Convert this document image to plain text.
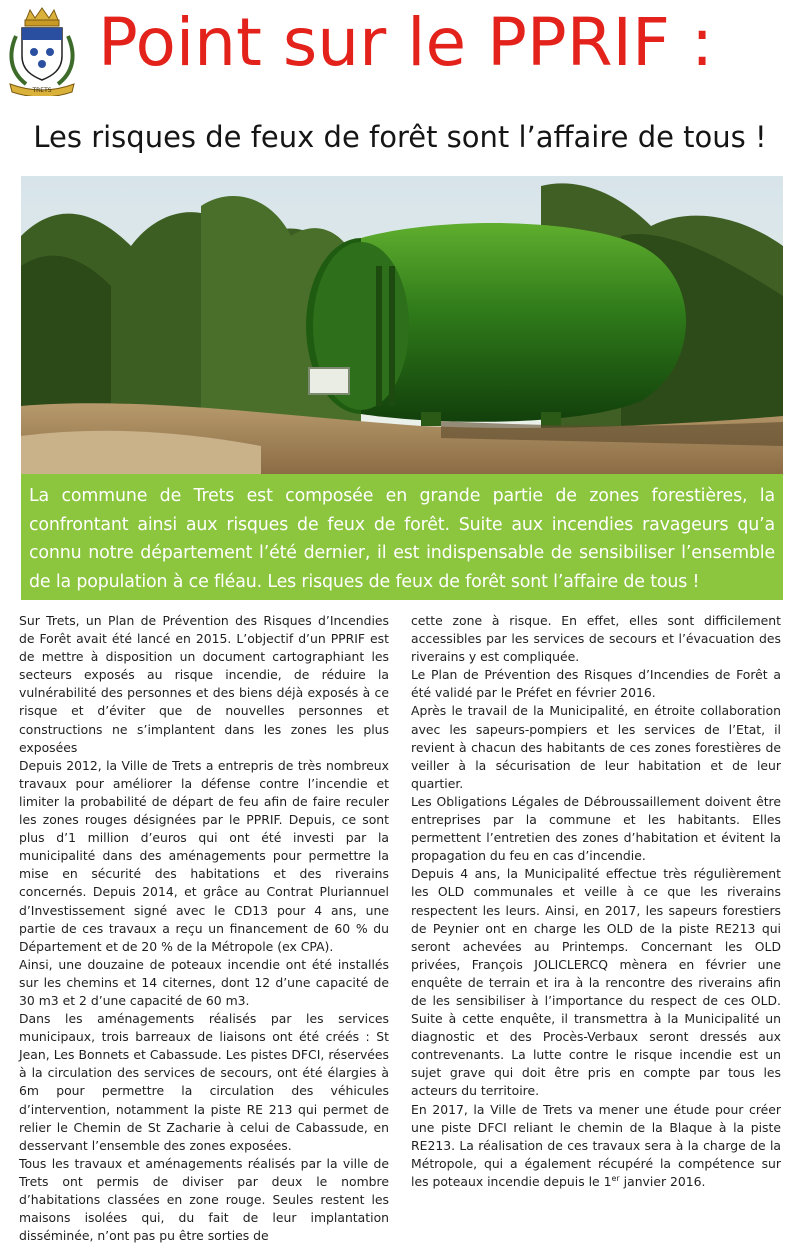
TRETS
Point sur le PPRIF :
Les risques de feux de forêt sont l’affaire de tous !

La commune de Trets est composée en grande partie de zones forestières, la confrontant ainsi aux risques de feux de forêt. Suite aux incendies ravageurs qu’a connu notre département l’été dernier, il est indispensable de sensibiliser l’ensemble de la population à ce fléau. Les risques de feux de forêt sont l’affaire de tous !

Sur Trets, un Plan de Prévention des Risques d’Incendies de Forêt avait été lancé en 2015. L’objectif d’un PPRIF est de mettre à disposition un document cartographiant les secteurs exposés au risque incendie, de réduire la vulnérabilité des personnes et des biens déjà exposés à ce risque et d’éviter que de nouvelles personnes et constructions ne s’implantent dans les zones les plus exposées

Depuis 2012, la Ville de Trets a entrepris de très nombreux travaux pour améliorer la défense contre l’incendie et limiter la probabilité de départ de feu afin de faire reculer les zones rouges désignées par le PPRIF. Depuis, ce sont plus d’1 million d’euros qui ont été investi par la municipalité dans des aménagements pour permettre la mise en sécurité des habitations et des riverains concernés. Depuis 2014, et grâce au Contrat Pluriannuel d’Investissement signé avec le CD13 pour 4 ans, une partie de ces travaux a reçu un financement de 60 % du Département et de 20 % de la Métropole (ex CPA).

Ainsi, une douzaine de poteaux incendie ont été installés sur les chemins et 14 citernes, dont 12 d’une capacité de 30 m3 et 2 d’une capacité de 60 m3.

Dans les aménagements réalisés par les services municipaux, trois barreaux de liaisons ont été créés : St Jean, Les Bonnets et Cabassude. Les pistes DFCI, réservées à la circulation des services de secours, ont été élargies à 6m pour permettre la circulation des véhicules d’intervention, notamment la piste RE 213 qui permet de relier le Chemin de St Zacharie à celui de Cabassude, en desservant l’ensemble des zones exposées.

Tous les travaux et aménagements réalisés par la ville de Trets ont permis de diviser par deux le nombre d’habitations classées en zone rouge. Seules restent les maisons isolées qui, du fait de leur implantation disséminée, n’ont pas pu être sorties de

cette zone à risque. En effet, elles sont difficilement accessibles par les services de secours et l’évacuation des riverains y est compliquée.

Le Plan de Prévention des Risques d’Incendies de Forêt a été validé par le Préfet en février 2016.

Après le travail de la Municipalité, en étroite collaboration avec les sapeurs-pompiers et les services de l’Etat, il revient à chacun des habitants de ces zones forestières de veiller à la sécurisation de leur habitation et de leur quartier.

Les Obligations Légales de Débroussaillement doivent être entreprises par la commune et les habitants. Elles permettent l’entretien des zones d’habitation et évitent la propagation du feu en cas d’incendie.

Depuis 4 ans, la Municipalité effectue très régulièrement les OLD communales et veille à ce que les riverains respectent les leurs. Ainsi, en 2017, les sapeurs forestiers de Peynier ont en charge les OLD de la piste RE213 qui seront achevées au Printemps. Concernant les OLD privées, François JOLICLERCQ mènera en février une enquête de terrain et ira à la rencontre des riverains afin de les sensibiliser à l’importance du respect de ces OLD. Suite à cette enquête, il transmettra à la Municipalité un diagnostic et des Procès-Verbaux seront dressés aux contrevenants. La lutte contre le risque incendie est un sujet grave qui doit être pris en compte par tous les acteurs du territoire.

En 2017, la Ville de Trets va mener une étude pour créer une piste DFCI reliant le chemin de la Blaque à la piste RE213. La réalisation de ces travaux sera à la charge de la Métropole, qui a également récupéré la compétence sur les poteaux incendie depuis le 1er janvier 2016.
